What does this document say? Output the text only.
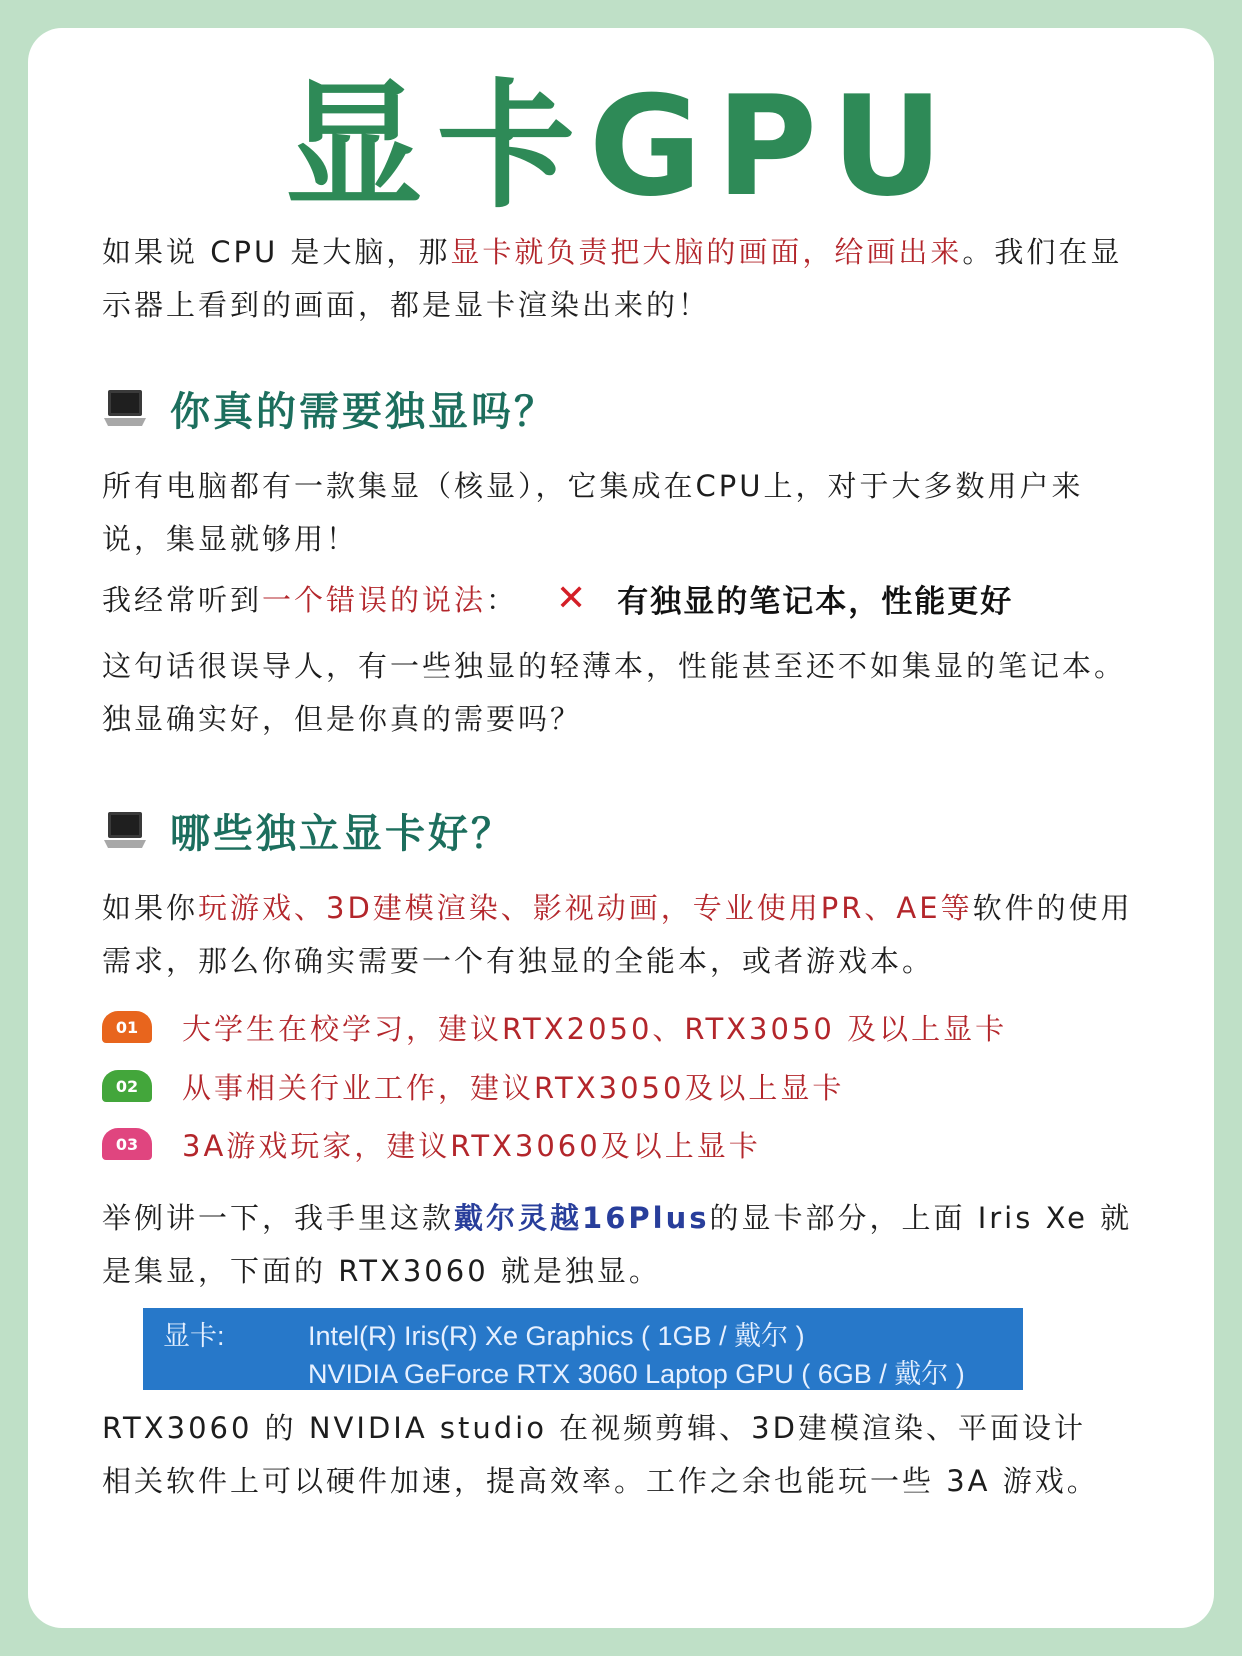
显卡GPU
如果说 CPU 是大脑，那显卡就负责把大脑的画面，给画出来。我们在显示器上看到的画面，都是显卡渲染出来的！
你真的需要独显吗？
所有电脑都有一款集显（核显），它集成在CPU上，对于大多数用户来说，集显就够用！
我经常听到 一个错误的说法 ： ✕ 有独显的笔记本，性能更好
这句话很误导人，有一些独显的轻薄本，性能甚至还不如集显的笔记本。独显确实好，但是你真的需要吗？
哪些独立显卡好？
如果你玩游戏、3D建模渲染、影视动画，专业使用PR、AE等软件的使用需求，那么你确实需要一个有独显的全能本，或者游戏本。
01	大学生在校学习，建议RTX2050、RTX3050 及以上显卡
02	从事相关行业工作，建议RTX3050及以上显卡
03	3A游戏玩家，建议RTX3060及以上显卡
举例讲一下，我手里这款戴尔灵越16Plus的显卡部分，上面 Iris Xe 就是集显，下面的 RTX3060 就是独显。
显卡:	Intel(R) Iris(R) Xe Graphics ( 1GB / 戴尔 )
NVIDIA GeForce RTX 3060 Laptop GPU ( 6GB / 戴尔 )
RTX3060 的 NVIDIA studio 在视频剪辑、3D建模渲染、平面设计相关软件上可以硬件加速，提高效率。工作之余也能玩一些 3A 游戏。
